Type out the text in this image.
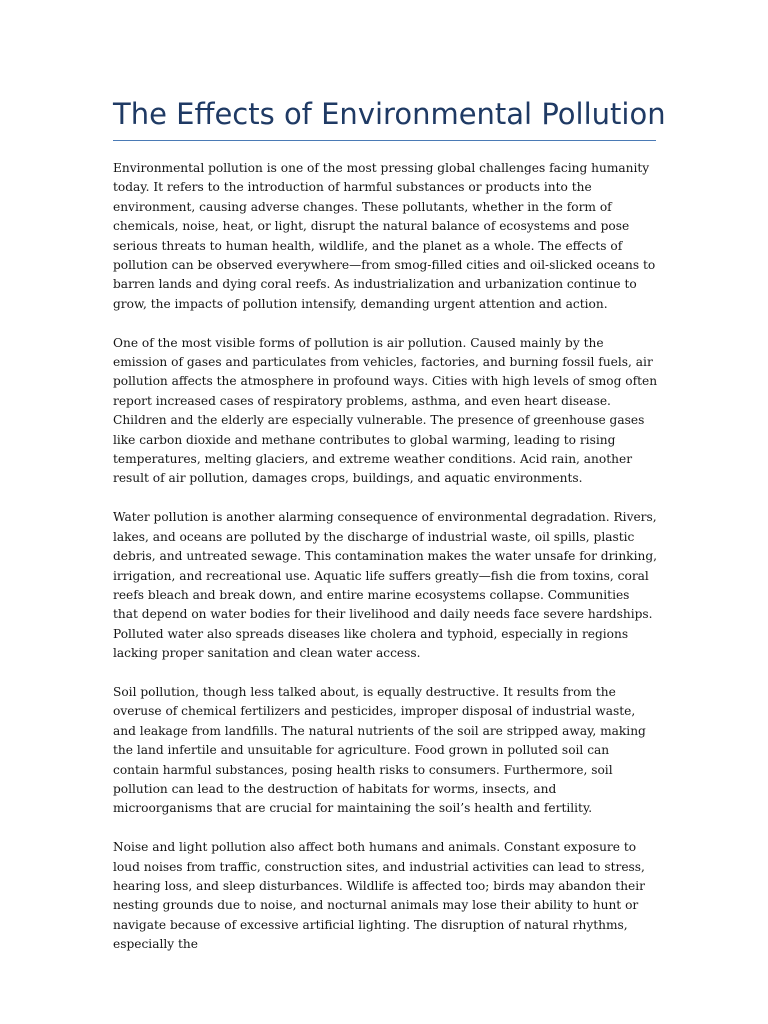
The Effects of Environmental Pollution

Environmental pollution is one of the most pressing global challenges facing humanity today. It refers to the introduction of harmful substances or products into the environment, causing adverse changes. These pollutants, whether in the form of chemicals, noise, heat, or light, disrupt the natural balance of ecosystems and pose serious threats to human health, wildlife, and the planet as a whole. The effects of pollution can be observed everywhere—from smog-filled cities and oil-slicked oceans to barren lands and dying coral reefs. As industrialization and urbanization continue to grow, the impacts of pollution intensify, demanding urgent attention and action.

One of the most visible forms of pollution is air pollution. Caused mainly by the emission of gases and particulates from vehicles, factories, and burning fossil fuels, air pollution affects the atmosphere in profound ways. Cities with high levels of smog often report increased cases of respiratory problems, asthma, and even heart disease. Children and the elderly are especially vulnerable. The presence of greenhouse gases like carbon dioxide and methane contributes to global warming, leading to rising temperatures, melting glaciers, and extreme weather conditions. Acid rain, another result of air pollution, damages crops, buildings, and aquatic environments.

Water pollution is another alarming consequence of environmental degradation. Rivers, lakes, and oceans are polluted by the discharge of industrial waste, oil spills, plastic debris, and untreated sewage. This contamination makes the water unsafe for drinking, irrigation, and recreational use. Aquatic life suffers greatly—fish die from toxins, coral reefs bleach and break down, and entire marine ecosystems collapse. Communities that depend on water bodies for their livelihood and daily needs face severe hardships. Polluted water also spreads diseases like cholera and typhoid, especially in regions lacking proper sanitation and clean water access.

Soil pollution, though less talked about, is equally destructive. It results from the overuse of chemical fertilizers and pesticides, improper disposal of industrial waste, and leakage from landfills. The natural nutrients of the soil are stripped away, making the land infertile and unsuitable for agriculture. Food grown in polluted soil can contain harmful substances, posing health risks to consumers. Furthermore, soil pollution can lead to the destruction of habitats for worms, insects, and microorganisms that are crucial for maintaining the soil’s health and fertility.

Noise and light pollution also affect both humans and animals. Constant exposure to loud noises from traffic, construction sites, and industrial activities can lead to stress, hearing loss, and sleep disturbances. Wildlife is affected too; birds may abandon their nesting grounds due to noise, and nocturnal animals may lose their ability to hunt or navigate because of excessive artificial lighting. The disruption of natural rhythms, especially the
